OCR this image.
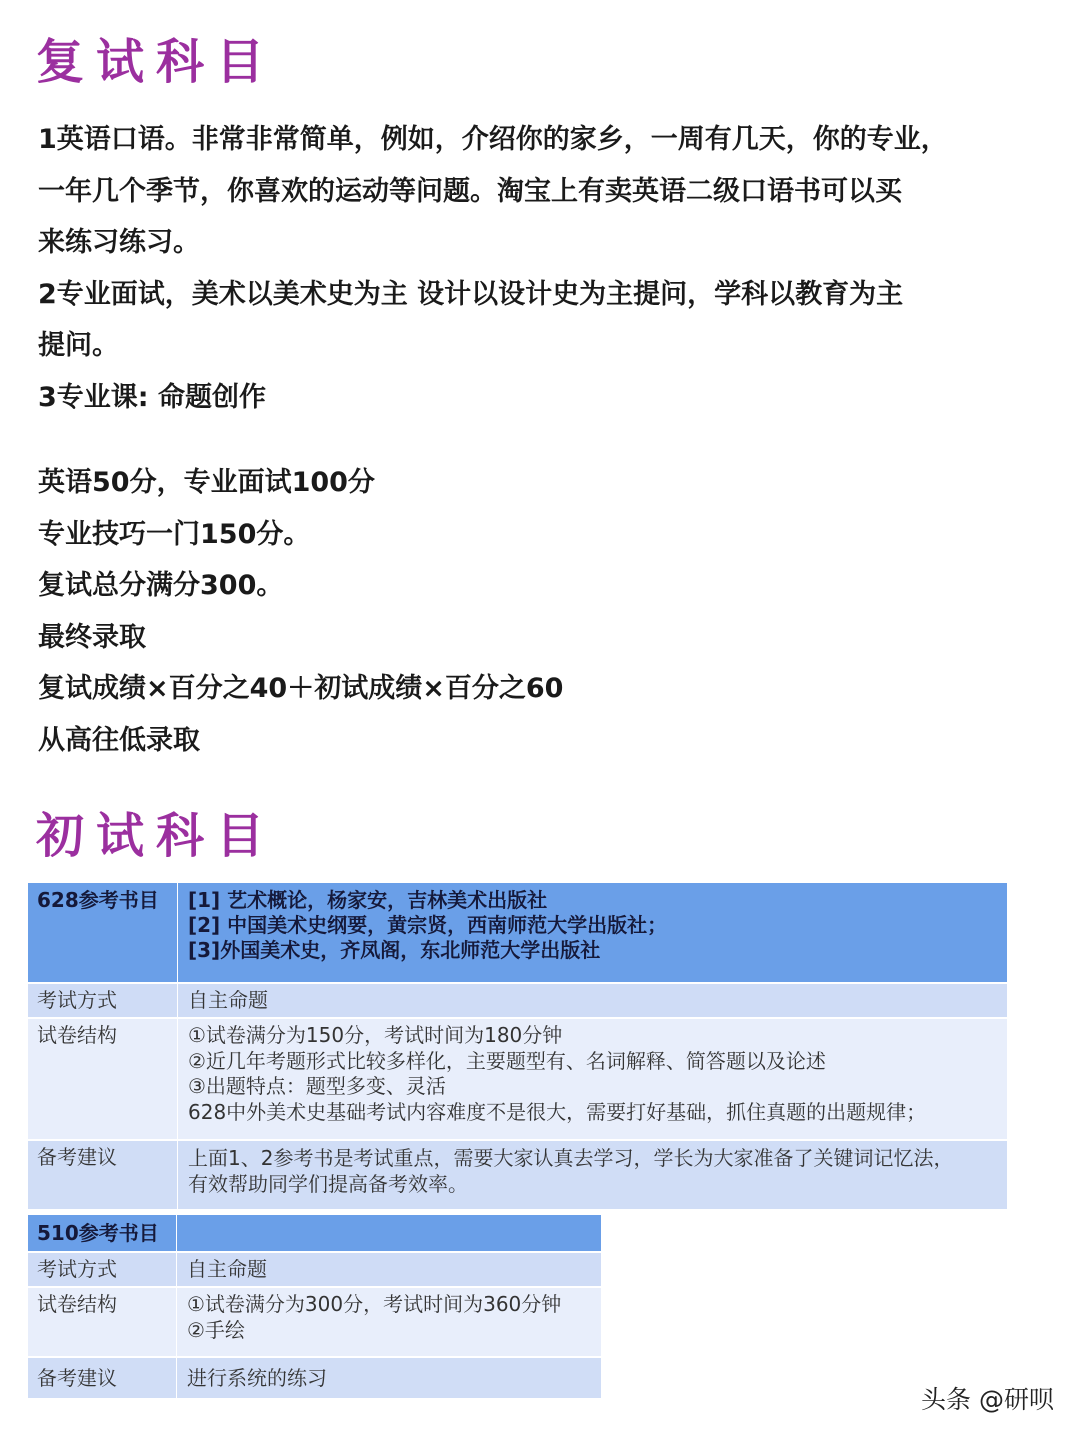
复试科目

1英语口语。非常非常简单，例如，介绍你的家乡，一周有几天，你的专业，

一年几个季节，你喜欢的运动等问题。淘宝上有卖英语二级口语书可以买

来练习练习。

2专业面试，美术以美术史为主 设计以设计史为主提问，学科以教育为主

提问。

3专业课: 命题创作

英语50分，专业面试100分

专业技巧一门150分。

复试总分满分300。

最终录取

复试成绩×百分之40＋初试成绩×百分之60

从高往低录取

初试科目
628参考书目	[1] 艺术概论，杨家安，吉林美术出版社
[2] 中国美术史纲要，黄宗贤，西南师范大学出版社；
[3]外国美术史，齐凤阁，东北师范大学出版社

考试方式	自主命题

试卷结构	①试卷满分为150分，考试时间为180分钟
②近几年考题形式比较多样化，主要题型有、名词解释、简答题以及论述
③出题特点：题型多变、灵活
628中外美术史基础考试内容难度不是很大，需要打好基础，抓住真题的出题规律；

备考建议	上面1、2参考书是考试重点，需要大家认真去学习，学长为大家准备了关键词记忆法，
有效帮助同学们提高备考效率。
510参考书目	
考试方式	自主命题

试卷结构	①试卷满分为300分，考试时间为360分钟
②手绘

备考建议	进行系统的练习
头条 @研呗
